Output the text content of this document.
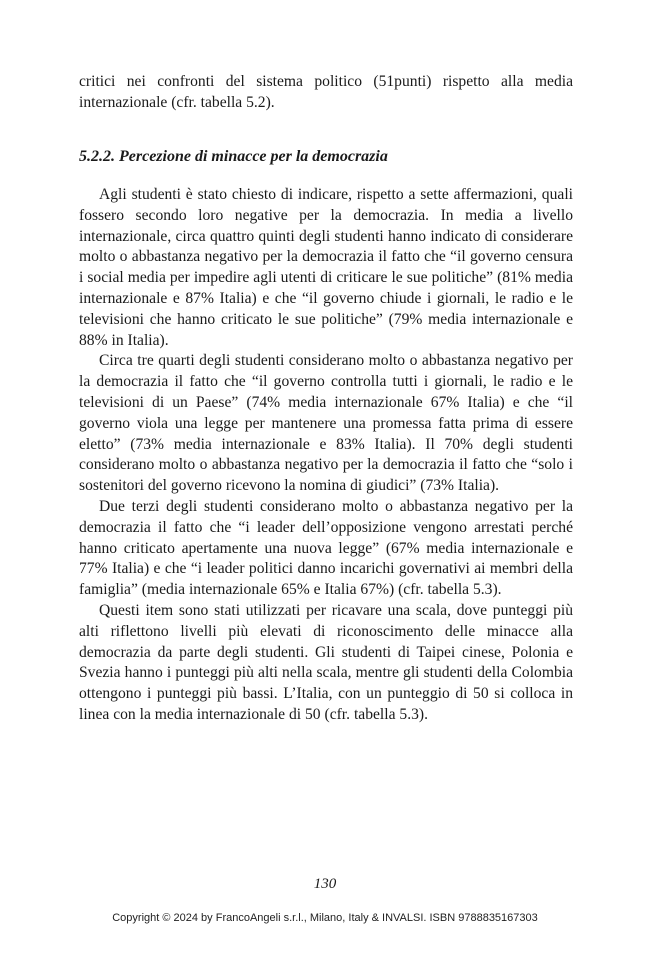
critici nei confronti del sistema politico (51punti) rispetto alla media internazionale (cfr. tabella 5.2).

5.2.2. Percezione di minacce per la democrazia

Agli studenti è stato chiesto di indicare, rispetto a sette affermazioni, quali fossero secondo loro negative per la democrazia. In media a livello internazionale, circa quattro quinti degli studenti hanno indicato di considerare molto o abbastanza negativo per la democrazia il fatto che “il governo censura i social media per impedire agli utenti di criticare le sue politiche” (81% media internazionale e 87% Italia) e che “il governo chiude i giornali, le radio e le televisioni che hanno criticato le sue politiche” (79% media internazionale e 88% in Italia).

Circa tre quarti degli studenti considerano molto o abbastanza negativo per la democrazia il fatto che “il governo controlla tutti i giornali, le radio e le televisioni di un Paese” (74% media internazionale 67% Italia) e che “il governo viola una legge per mantenere una promessa fatta prima di essere eletto” (73% media internazionale e 83% Italia). Il 70% degli studenti considerano molto o abbastanza negativo per la democrazia il fatto che “solo i sostenitori del governo ricevono la nomina di giudici” (73% Italia).

Due terzi degli studenti considerano molto o abbastanza negativo per la democrazia il fatto che “i leader dell’opposizione vengono arrestati perché hanno criticato apertamente una nuova legge” (67% media internazionale e 77% Italia) e che “i leader politici danno incarichi governativi ai membri della famiglia” (media internazionale 65% e Italia 67%) (cfr. tabella 5.3).

Questi item sono stati utilizzati per ricavare una scala, dove punteggi più alti riflettono livelli più elevati di riconoscimento delle minacce alla democrazia da parte degli studenti. Gli studenti di Taipei cinese, Polonia e Svezia hanno i punteggi più alti nella scala, mentre gli studenti della Colombia ottengono i punteggi più bassi. L’Italia, con un punteggio di 50 si colloca in linea con la media internazionale di 50 (cfr. tabella 5.3).

130
Copyright © 2024 by FrancoAngeli s.r.l., Milano, Italy & INVALSI. ISBN 9788835167303
